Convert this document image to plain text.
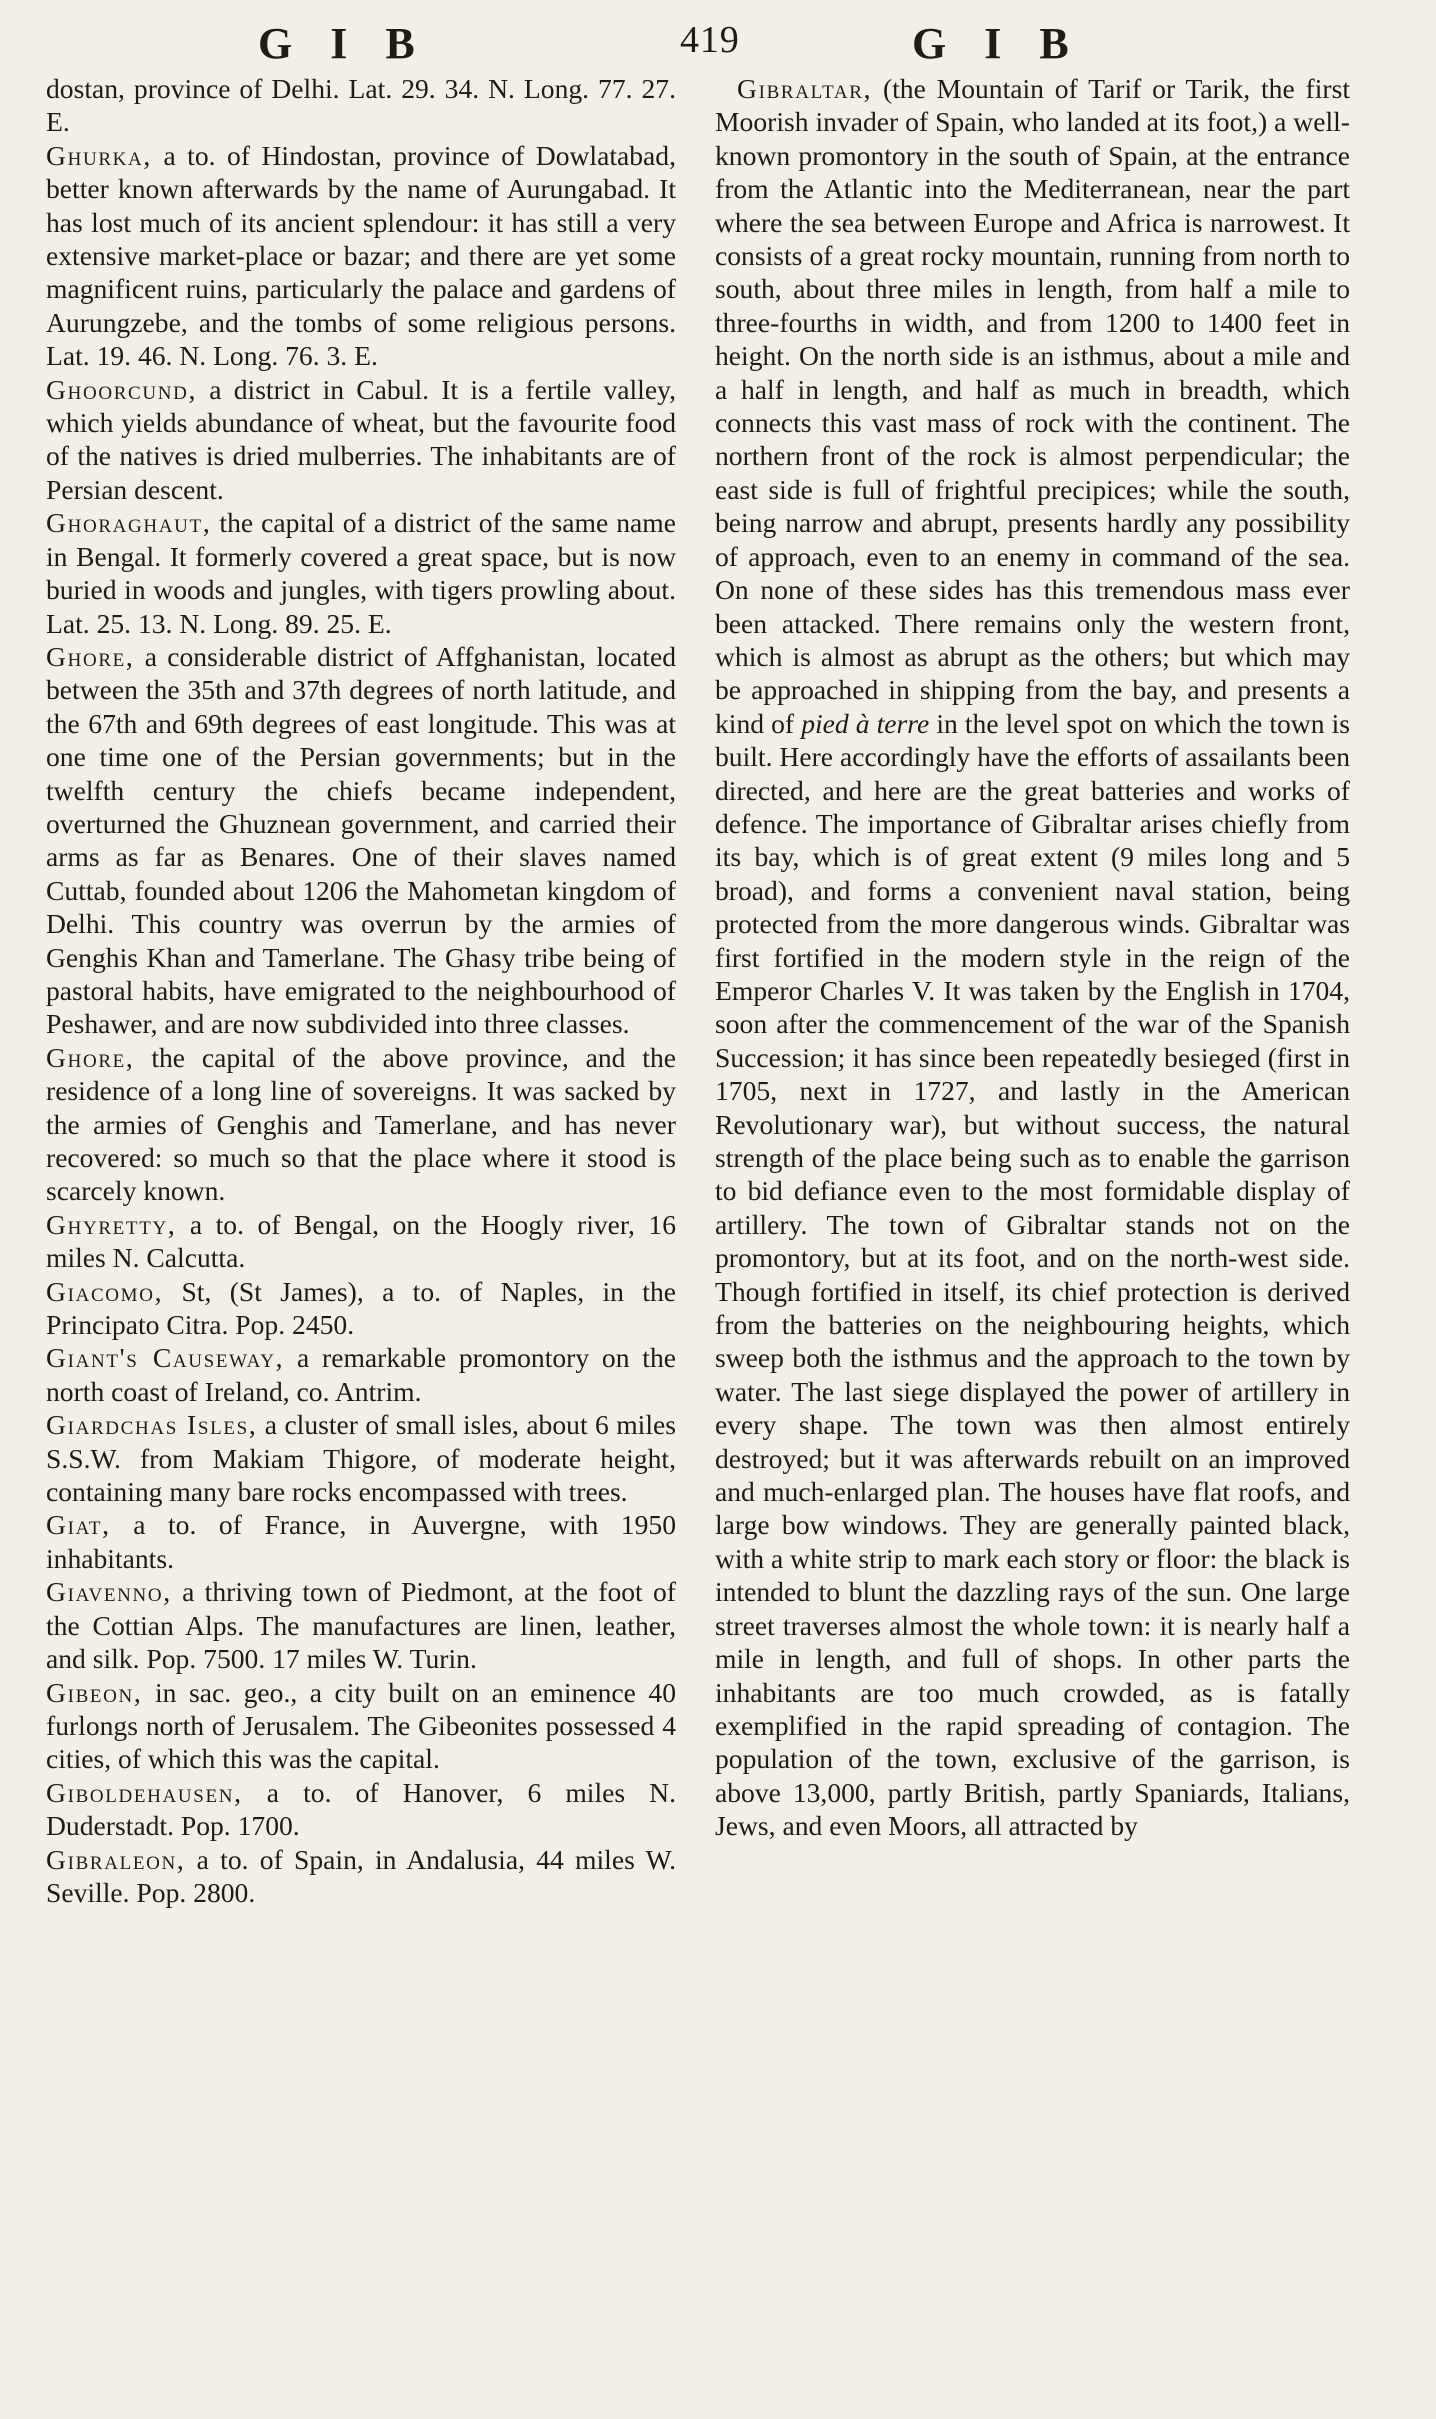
GIB	419	GIB

dostan, province of Delhi. Lat. 29. 34. N. Long. 77. 27. E.

Ghurka, a to. of Hindostan, province of Dowlatabad, better known afterwards by the name of Aurungabad. It has lost much of its ancient splendour: it has still a very extensive market-place or bazar; and there are yet some magnificent ruins, particularly the palace and gardens of Aurungzebe, and the tombs of some religious persons. Lat. 19. 46. N. Long. 76. 3. E.

Ghoorcund, a district in Cabul. It is a fertile valley, which yields abundance of wheat, but the favourite food of the natives is dried mulberries. The inhabitants are of Persian descent.

Ghoraghaut, the capital of a district of the same name in Bengal. It formerly covered a great space, but is now buried in woods and jungles, with tigers prowling about. Lat. 25. 13. N. Long. 89. 25. E.

Ghore, a considerable district of Affghanistan, located between the 35th and 37th degrees of north latitude, and the 67th and 69th degrees of east longitude. This was at one time one of the Persian governments; but in the twelfth century the chiefs became independent, overturned the Ghuznean government, and carried their arms as far as Benares. One of their slaves named Cuttab, founded about 1206 the Mahometan kingdom of Delhi. This country was overrun by the armies of Genghis Khan and Tamerlane. The Ghasy tribe being of pastoral habits, have emigrated to the neighbourhood of Peshawer, and are now subdivided into three classes.

Ghore, the capital of the above province, and the residence of a long line of sovereigns. It was sacked by the armies of Genghis and Tamerlane, and has never recovered: so much so that the place where it stood is scarcely known.

Ghyretty, a to. of Bengal, on the Hoogly river, 16 miles N. Calcutta.

Giacomo, St, (St James), a to. of Naples, in the Principato Citra. Pop. 2450.

Giant's Causeway, a remarkable promontory on the north coast of Ireland, co. Antrim.

Giardchas Isles, a cluster of small isles, about 6 miles S.S.W. from Makiam Thigore, of moderate height, containing many bare rocks encompassed with trees.

Giat, a to. of France, in Auvergne, with 1950 inhabitants.

Giavenno, a thriving town of Piedmont, at the foot of the Cottian Alps. The manufactures are linen, leather, and silk. Pop. 7500. 17 miles W. Turin.

Gibeon, in sac. geo., a city built on an eminence 40 furlongs north of Jerusalem. The Gibeonites possessed 4 cities, of which this was the capital.

Giboldehausen, a to. of Hanover, 6 miles N. Duderstadt. Pop. 1700.

Gibraleon, a to. of Spain, in Andalusia, 44 miles W. Seville. Pop. 2800.

Gibraltar, (the Mountain of Tarif or Tarik, the first Moorish invader of Spain, who landed at its foot,) a well-known promontory in the south of Spain, at the entrance from the Atlantic into the Mediterranean, near the part where the sea between Europe and Africa is narrowest. It consists of a great rocky mountain, running from north to south, about three miles in length, from half a mile to three-fourths in width, and from 1200 to 1400 feet in height. On the north side is an isthmus, about a mile and a half in length, and half as much in breadth, which connects this vast mass of rock with the continent. The northern front of the rock is almost perpendicular; the east side is full of frightful precipices; while the south, being narrow and abrupt, presents hardly any possibility of approach, even to an enemy in command of the sea. On none of these sides has this tremendous mass ever been attacked. There remains only the western front, which is almost as abrupt as the others; but which may be approached in shipping from the bay, and presents a kind of pied à terre in the level spot on which the town is built. Here accordingly have the efforts of assailants been directed, and here are the great batteries and works of defence. The importance of Gibraltar arises chiefly from its bay, which is of great extent (9 miles long and 5 broad), and forms a convenient naval station, being protected from the more dangerous winds. Gibraltar was first fortified in the modern style in the reign of the Emperor Charles V. It was taken by the English in 1704, soon after the commencement of the war of the Spanish Succession; it has since been repeatedly besieged (first in 1705, next in 1727, and lastly in the American Revolutionary war), but without success, the natural strength of the place being such as to enable the garrison to bid defiance even to the most formidable display of artillery. The town of Gibraltar stands not on the promontory, but at its foot, and on the north-west side. Though fortified in itself, its chief protection is derived from the batteries on the neighbouring heights, which sweep both the isthmus and the approach to the town by water. The last siege displayed the power of artillery in every shape. The town was then almost entirely destroyed; but it was afterwards rebuilt on an improved and much-enlarged plan. The houses have flat roofs, and large bow windows. They are generally painted black, with a white strip to mark each story or floor: the black is intended to blunt the dazzling rays of the sun. One large street traverses almost the whole town: it is nearly half a mile in length, and full of shops. In other parts the inhabitants are too much crowded, as is fatally exemplified in the rapid spreading of contagion. The population of the town, exclusive of the garrison, is above 13,000, partly British, partly Spaniards, Italians, Jews, and even Moors, all attracted by
